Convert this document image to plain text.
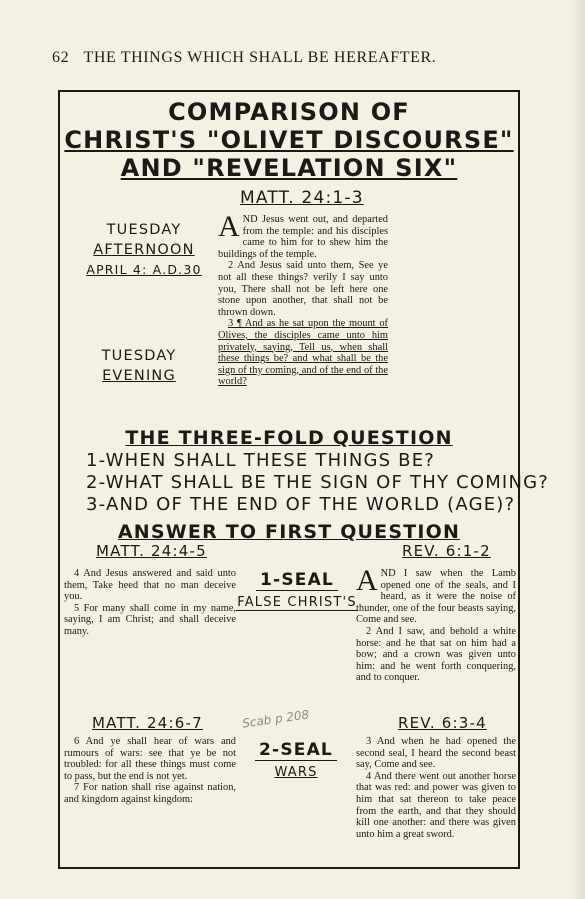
62 THE THINGS WHICH SHALL BE HEREAFTER.
COMPARISON OF
CHRIST'S "OLIVET DISCOURSE"
AND "REVELATION SIX"
MATT. 24:1-3
TUESDAY
AFTERNOON
APRIL 4: A.D.30
TUESDAY
EVENING

AND Jesus went out, and departed from the temple: and his disciples came to him for to shew him the buildings of the temple.

2 And Jesus said unto them, See ye not all these things? verily I say unto you, There shall not be left here one stone upon another, that shall not be thrown down.

3 ¶ And as he sat upon the mount of Olives, the disciples came unto him privately, saying, Tell us, when shall these things be? and what shall be the sign of thy coming, and of the end of the world?

THE THREE-FOLD QUESTION
1-WHEN SHALL THESE THINGS BE?
2-WHAT SHALL BE THE SIGN OF THY COMING?
3-AND OF THE END OF THE WORLD (AGE)?
ANSWER TO FIRST QUESTION
MATT. 24:4-5	REV. 6:1-2

4 And Jesus answered and said unto them, Take heed that no man deceive you.

5 For many shall come in my name, saying, I am Christ; and shall deceive many.

1-SEAL
FALSE CHRIST'S

AND I saw when the Lamb opened one of the seals, and I heard, as it were the noise of thunder, one of the four beasts saying, Come and see.

2 And I saw, and behold a white horse: and he that sat on him had a bow; and a crown was given unto him: and he went forth conquering, and to conquer.

MATT. 24:6-7	REV. 6:3-4
Scab p 208

6 And ye shall hear of wars and rumours of wars: see that ye be not troubled: for all these things must come to pass, but the end is not yet.

7 For nation shall rise against nation, and kingdom against kingdom:

2-SEAL
WARS

3 And when he had opened the second seal, I heard the second beast say, Come and see.

4 And there went out another horse that was red: and power was given to him that sat thereon to take peace from the earth, and that they should kill one another: and there was given unto him a great sword.
